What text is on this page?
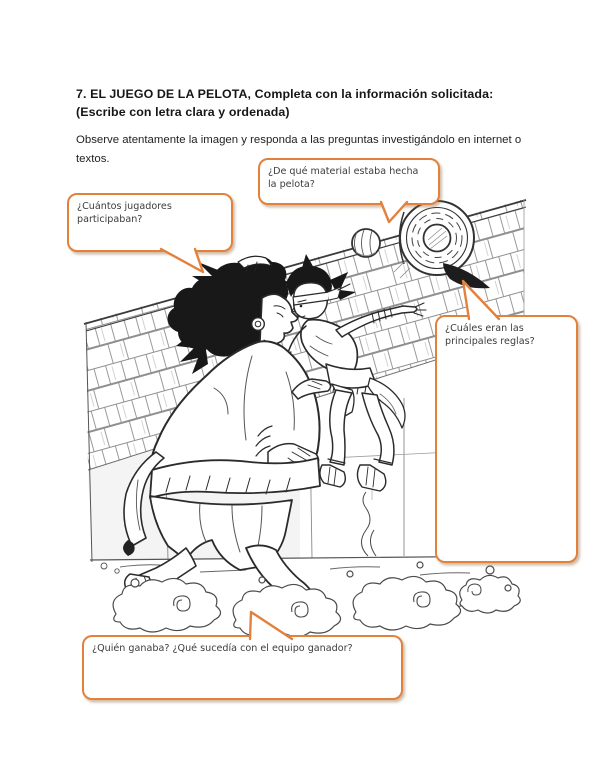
7. EL JUEGO DE LA PELOTA, Completa con la información solicitada:
(Escribe con letra clara y ordenada)
Observe atentamente la imagen y responda a las preguntas investigándolo en internet o
textos.
¿De qué material estaba hecha la pelota?
¿Cuántos jugadores participaban?
¿Cuáles eran las principales reglas?
¿Quién ganaba? ¿Qué sucedía con el equipo ganador?
